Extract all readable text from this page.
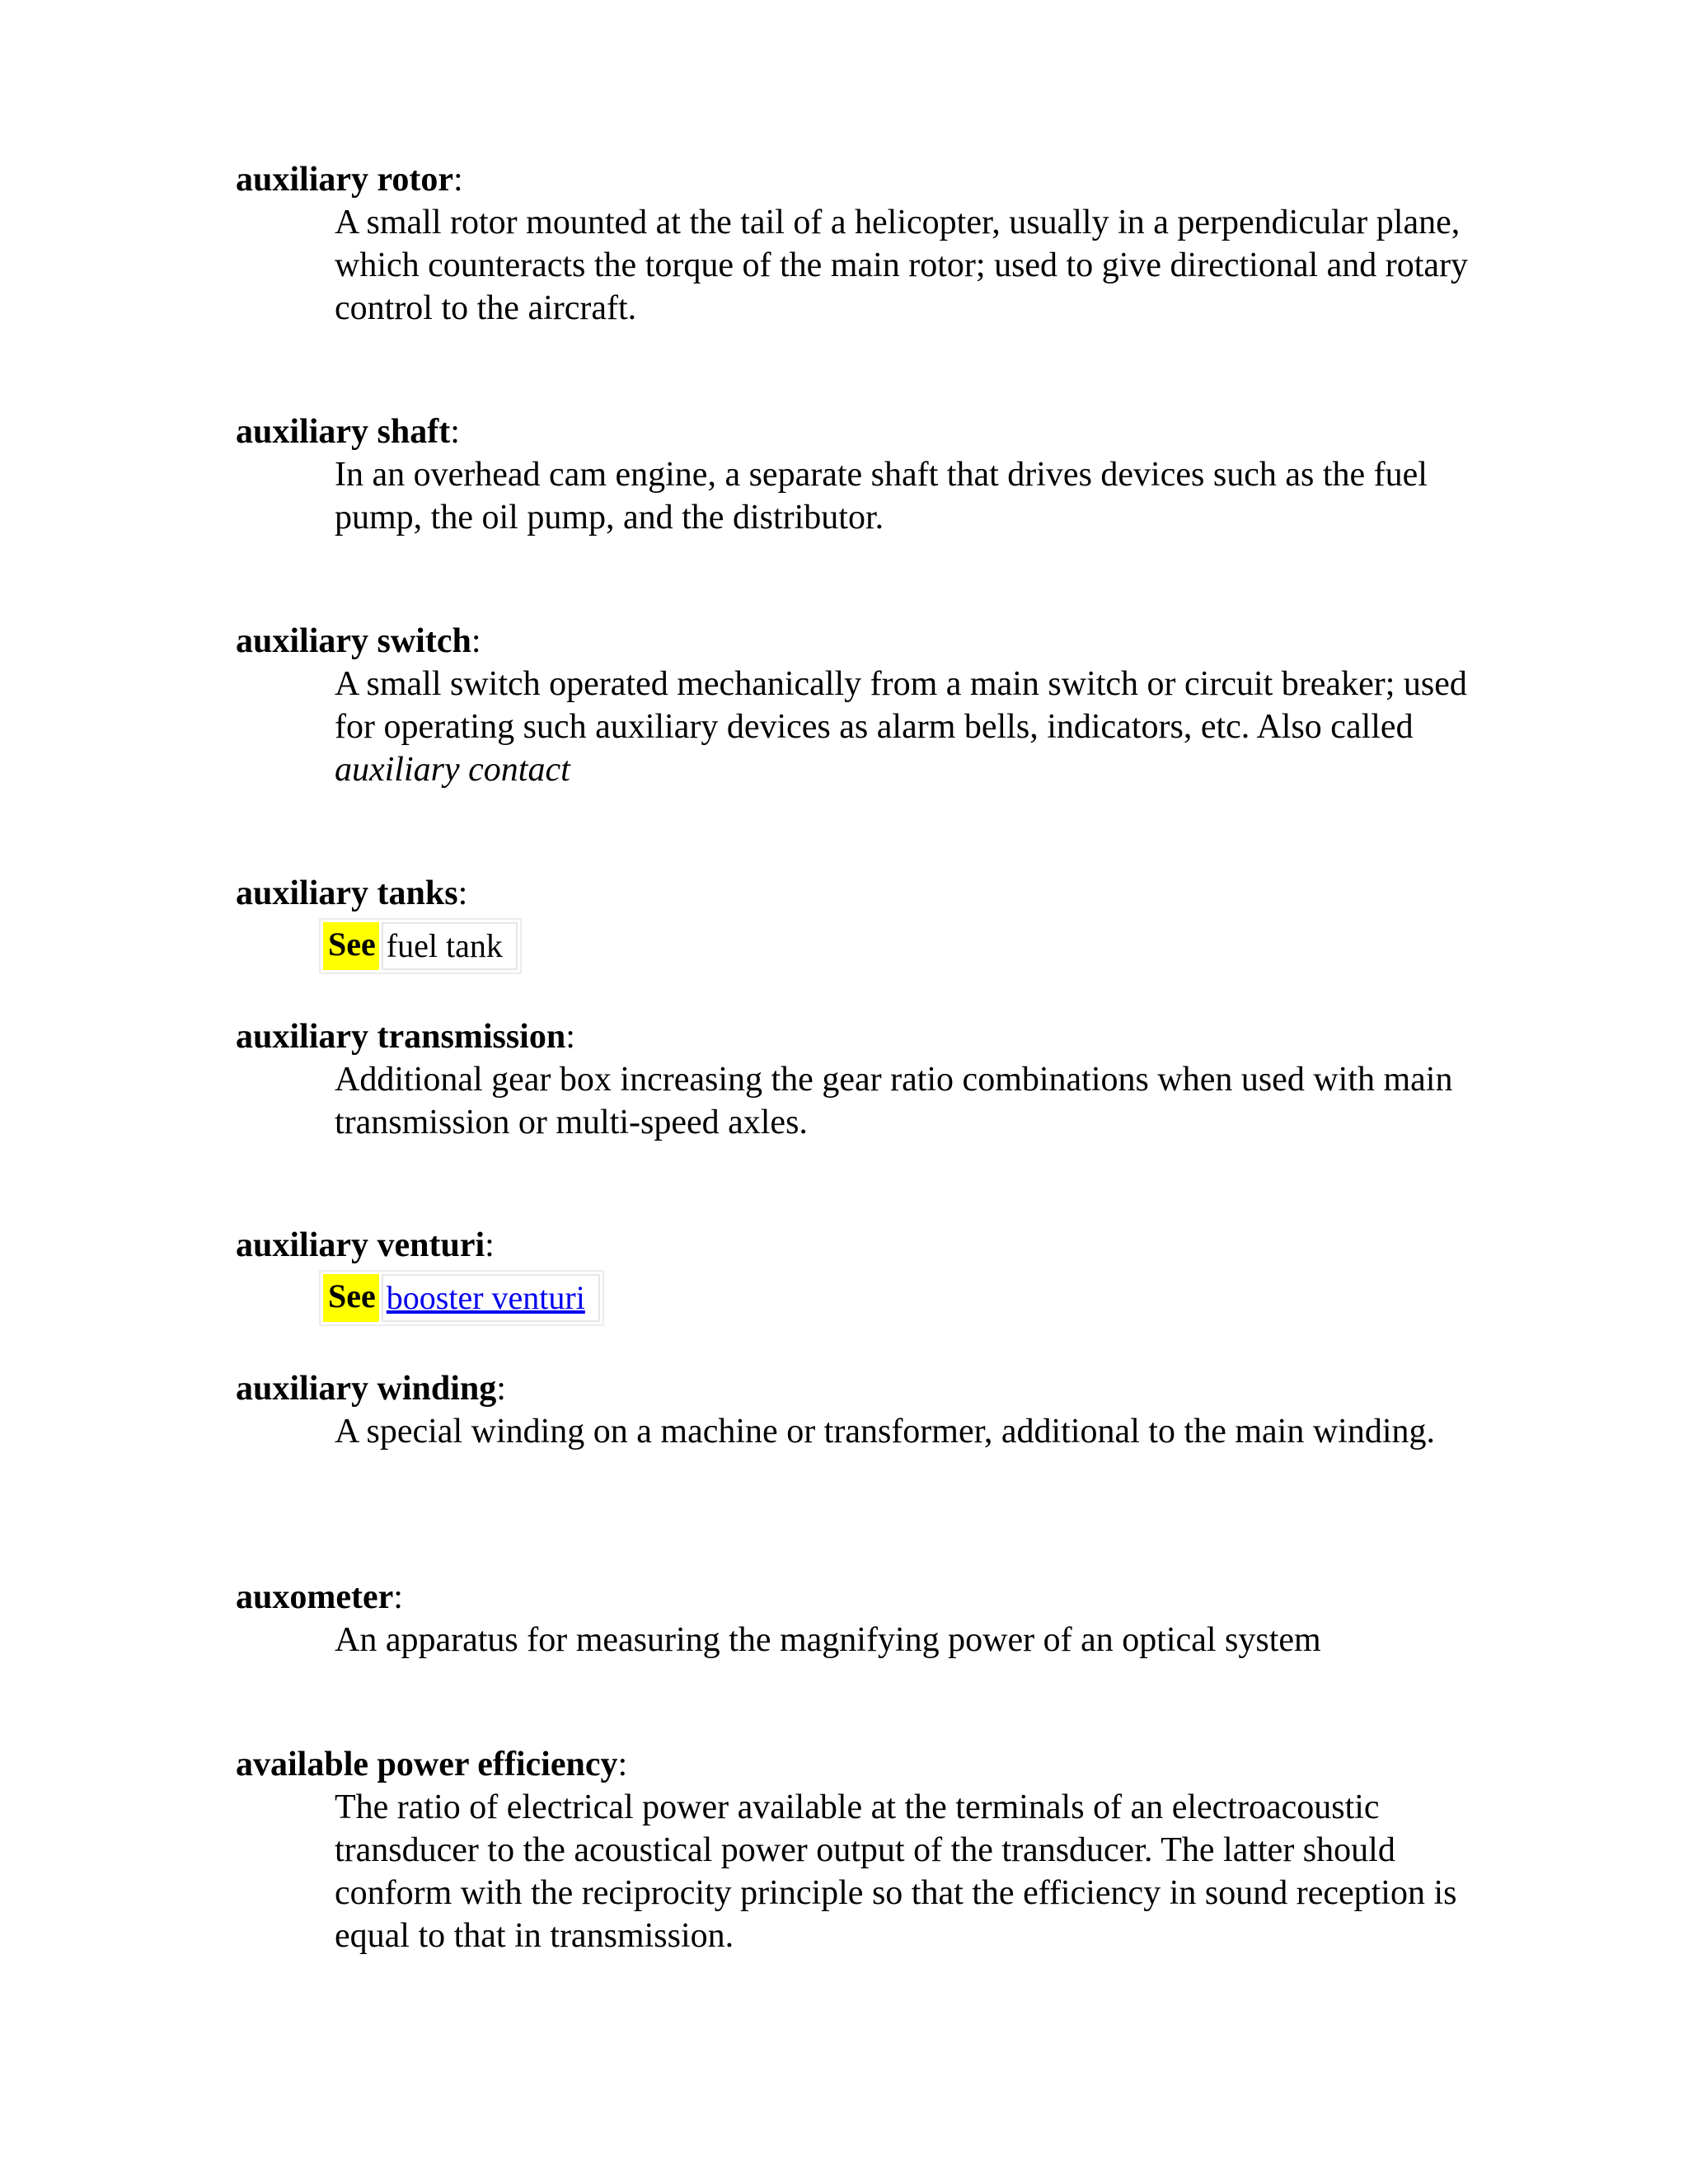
auxiliary rotor:

A small rotor mounted at the tail of a helicopter, usually in a perpendicular plane, which counteracts the torque of the main rotor; used to give directional and rotary control to the aircraft.

auxiliary shaft:

In an overhead cam engine, a separate shaft that drives devices such as the fuel pump, the oil pump, and the distributor.

auxiliary switch:

A small switch operated mechanically from a main switch or circuit breaker; used for operating such auxiliary devices as alarm bells, indicators, etc. Also called auxiliary contact

auxiliary tanks:

See fuel tank

auxiliary transmission:

Additional gear box increasing the gear ratio combinations when used with main transmission or multi-speed axles.

auxiliary venturi:

See booster venturi

auxiliary winding:

A special winding on a machine or transformer, additional to the main winding.

auxometer:

An apparatus for measuring the magnifying power of an optical system

available power efficiency:

The ratio of electrical power available at the terminals of an electroacoustic transducer to the acoustical power output of the transducer. The latter should conform with the reciprocity principle so that the efficiency in sound reception is equal to that in transmission.
